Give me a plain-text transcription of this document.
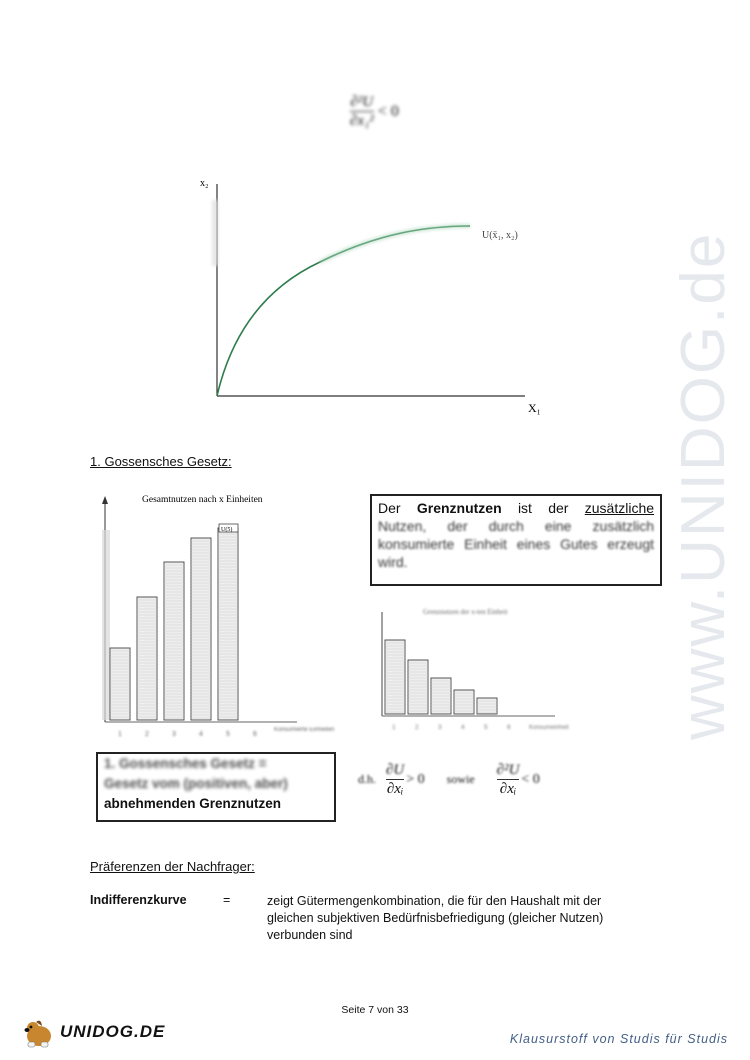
www.UNIDOG.de
$\frac{\text{∂²U}}{\text{∂x₁²}} < 0$
x₂
X₁
U(x̄₁, x₂)
1. Gossensches Gesetz:
Gesamtnutzen nach x Einheiten
U(5)
1	2	3	4	5	6
Konsumierte Einheiten
Der Grenznutzen ist der zusätzliche Nutzen, der durch eine zusätzlich konsumierte Einheit eines Gutes erzeugt wird.
Grenznutzen der x-ten Einheit
1	2	3	4	5	6	Konsumeinheit
1. Gossensches Gesetz =
Gesetz vom (positiven, aber)
abnehmenden Grenznutzen
d.h. $\frac{\partial U}{\text{∂xᵢ}} > 0$ sowie $\frac{\text{∂²U}}{\text{∂xᵢ}} < 0$
Präferenzen der Nachfrager:
Indifferenzkurve	=	zeigt Gütermengenkombination, die für den Haushalt mit der gleichen subjektiven Bedürfnisbefriedigung (gleicher Nutzen) verbunden sind
Seite 7 von 33
UNIDOG.DE	Klausurstoff von Studis für Studis
